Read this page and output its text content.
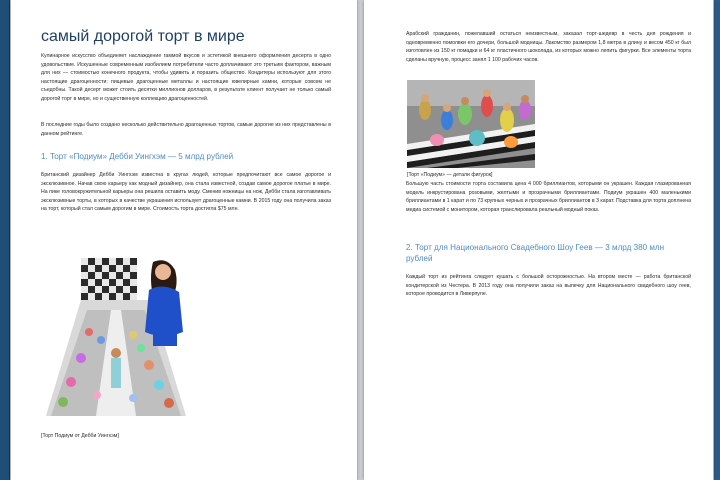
самый дорогой торт в мире

Кулинарное искусство объединяет наслаждение гаммой вкусов и эстетикой внешнего оформления десерта в одно удовольствие. Искушенные современным изобилием потребители часто доплачивают это третьим фактором, важным для них — стоимостью конечного продукта, чтобы удивить и поразить общество. Кондитеры используют для этого настоящие драгоценности: пищевые драгоценные металлы и настоящие ювелирные камни, которые совсем не съедобны. Такой десерт может стоить десятки миллионов долларов, в результате клиент получает не только самый дорогой торт в мире, но и существенную коллекцию драгоценностей.

В последние годы было создано несколько действительно драгоценных тортов, самые дорогие из них представлены в данном рейтинге.

1. Торт «Подиум» Дебби Уингхэм — 5 млрд рублей

Британский дизайнер Дебби Уингхэм известна в кругах людей, которые предпочитают все самое дорогое и эксклюзивное. Начав свою карьеру как модный дизайнер, она стала известной, создав самое дорогое платье в мире. На пике головокружительной карьеры она решила оставить моду. Сменив ножницы на нож, Дебби стала изготавливать эксклюзивные торты, в которых в качестве украшения использует драгоценные камни. В 2015 году она получила заказ на торт, который стал самым дорогим в мире. Стоимость торта достигла $75 млн.

[Торт Подиум от Дебби Уингхэм]

Арабский гражданин, пожелавший остаться неизвестным, заказал торт-шедевр в честь дня рождения и одновременно помолвки его дочери, большой модницы. Лакомство размером 1,8 метра в длину и весом 450 кг был изготовлен из 150 кг помадки и 64 кг пластичного шоколада, из которых можно лепить фигурки. Все элементы торта сделаны вручную, процесс занял 1 100 рабочих часов.

[Торт «Подиум» — детали фигурок]

Большую часть стоимости торта составила цена 4 000 бриллиантов, которыми он украшен. Каждая глазированная модель инкрустирована розовыми, желтыми и прозрачными бриллиантами. Подиум украшен 400 маленькими бриллиантами в 1 карат и по 73 крупных черных и прозрачных бриллиантов в 3 карат. Подставка для торта доплнена медиа системой с монитором, которая транслировала реальный модный показ.

2. Торт для Национального Свадебного Шоу Геев — 3 млрд 380 млн рублей

Каждый торт из рейтинга следует кушать с большой осторожностью. На втором месте — работа британской кондитерской из Честера. В 2013 году она получили заказ на выпечку для Национального свадебного шоу геев, которое проводится в Ливерпуле.
